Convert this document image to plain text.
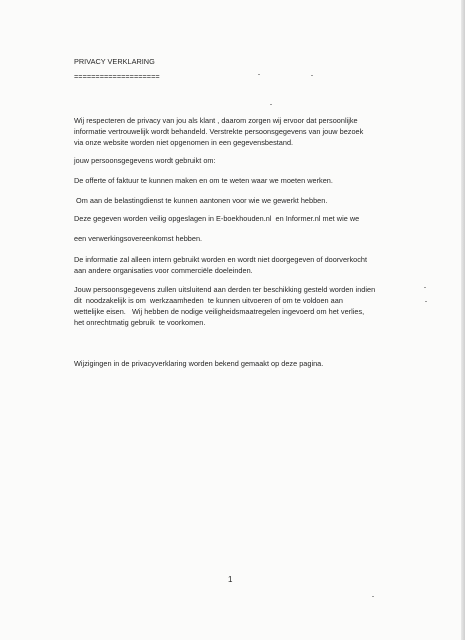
PRIVACY VERKLARING

====================

Wij respecteren de privacy van jou als klant , daarom zorgen wij ervoor dat persoonlijke

informatie vertrouwelijk wordt behandeld. Verstrekte persoonsgegevens van jouw bezoek

via onze website worden niet opgenomen in een gegevensbestand.

jouw persoonsgegevens wordt gebruikt om:

De offerte of faktuur te kunnen maken en om te weten waar we moeten werken.

Om aan de belastingdienst te kunnen aantonen voor wie we gewerkt hebben.

Deze gegeven worden veilig opgeslagen in E-boekhouden.nl  en Informer.nl met wie we

een verwerkingsovereenkomst hebben.

De informatie zal alleen intern gebruikt worden en wordt niet doorgegeven of doorverkocht

aan andere organisaties voor commerciële doeleinden.

Jouw persoonsgegevens zullen uitsluitend aan derden ter beschikking gesteld worden indien

dit  noodzakelijk is om  werkzaamheden  te kunnen uitvoeren of om te voldoen aan

wettelijke eisen.   Wij hebben de nodige veiligheidsmaatregelen ingevoerd om het verlies,

het onrechtmatig gebruik  te voorkomen.

Wijzigingen in de privacyverklaring worden bekend gemaakt op deze pagina.

1
